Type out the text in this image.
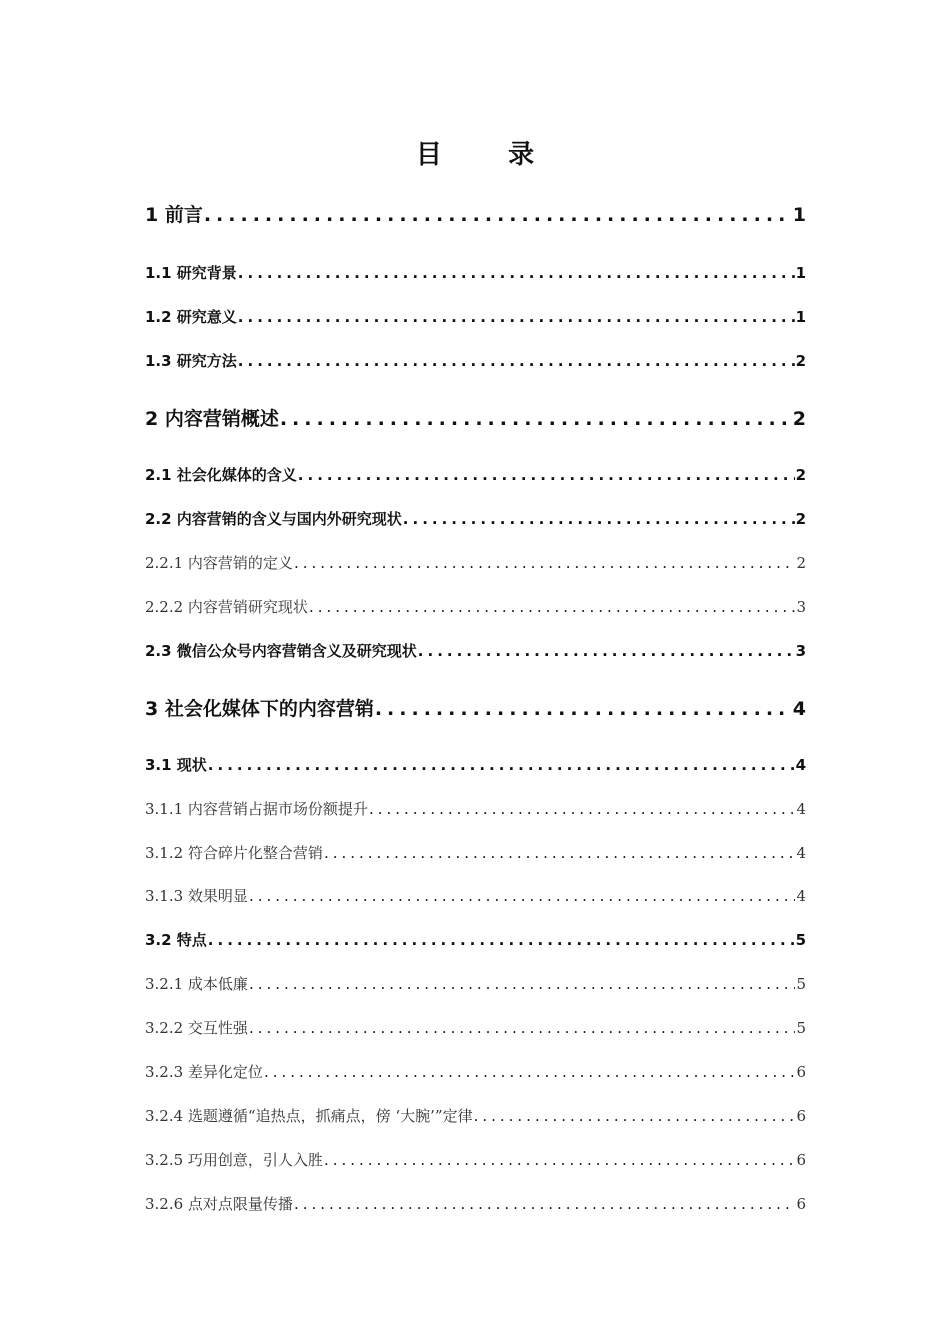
目	录
1 前言 .....	1
1.1 研究背景 .....	1
1.2 研究意义 .....	1
1.3 研究方法 .....	2
2 内容营销概述 .....	2
2.1 社会化媒体的含义 .....	2
2.2 内容营销的含义与国内外研究现状 .....	2
2.2.1 内容营销的定义 .....	2
2.2.2 内容营销研究现状 .....	3
2.3 微信公众号内容营销含义及研究现状 .....	3
3 社会化媒体下的内容营销 .....	4
3.1 现状 .....	4
3.1.1 内容营销占据市场份额提升 .....	4
3.1.2 符合碎片化整合营销 .....	4
3.1.3 效果明显 .....	4
3.2 特点 .....	5
3.2.1 成本低廉 .....	5
3.2.2 交互性强 .....	5
3.2.3 差异化定位 .....	6
3.2.4 选题遵循“追热点，抓痛点，傍 ‘大腕’”定律 .....	6
3.2.5 巧用创意，引人入胜 .....	6
3.2.6 点对点限量传播 .....	6
